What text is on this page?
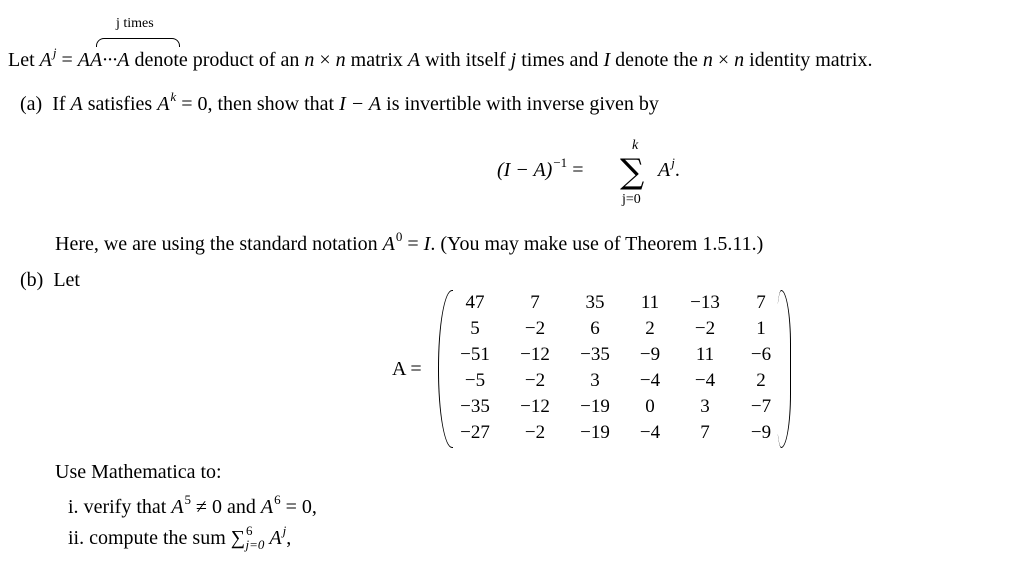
j times
Let $A^j = AA\cdot\cdot\cdot A$ denote product of an n × n matrix A with itself j times and I denote the n × n identity matrix.
(a) If A satisfies $A^k = 0$, then show that I − A is invertible with inverse given by
$(I - A)^{-1}$ =
k
∑
j=0
$A^j$.
Here, we are using the standard notation $A^0 = I$. (You may make use of Theorem 1.5.11.)
(b) Let
A =
47	7	35	11	−13	7
5	−2	6	2	−2	1
−51	−12	−35	−9	11	−6
−5	−2	3	−4	−4	2
−35	−12	−19	0	3	−7
−27	−2	−19	−4	7	−9
Use Mathematica to:
i. verify that $A^5 \ne 0$ and $A^6 = 0$,
ii. compute the sum ∑$^6_{j=0}$ $A^j$,
